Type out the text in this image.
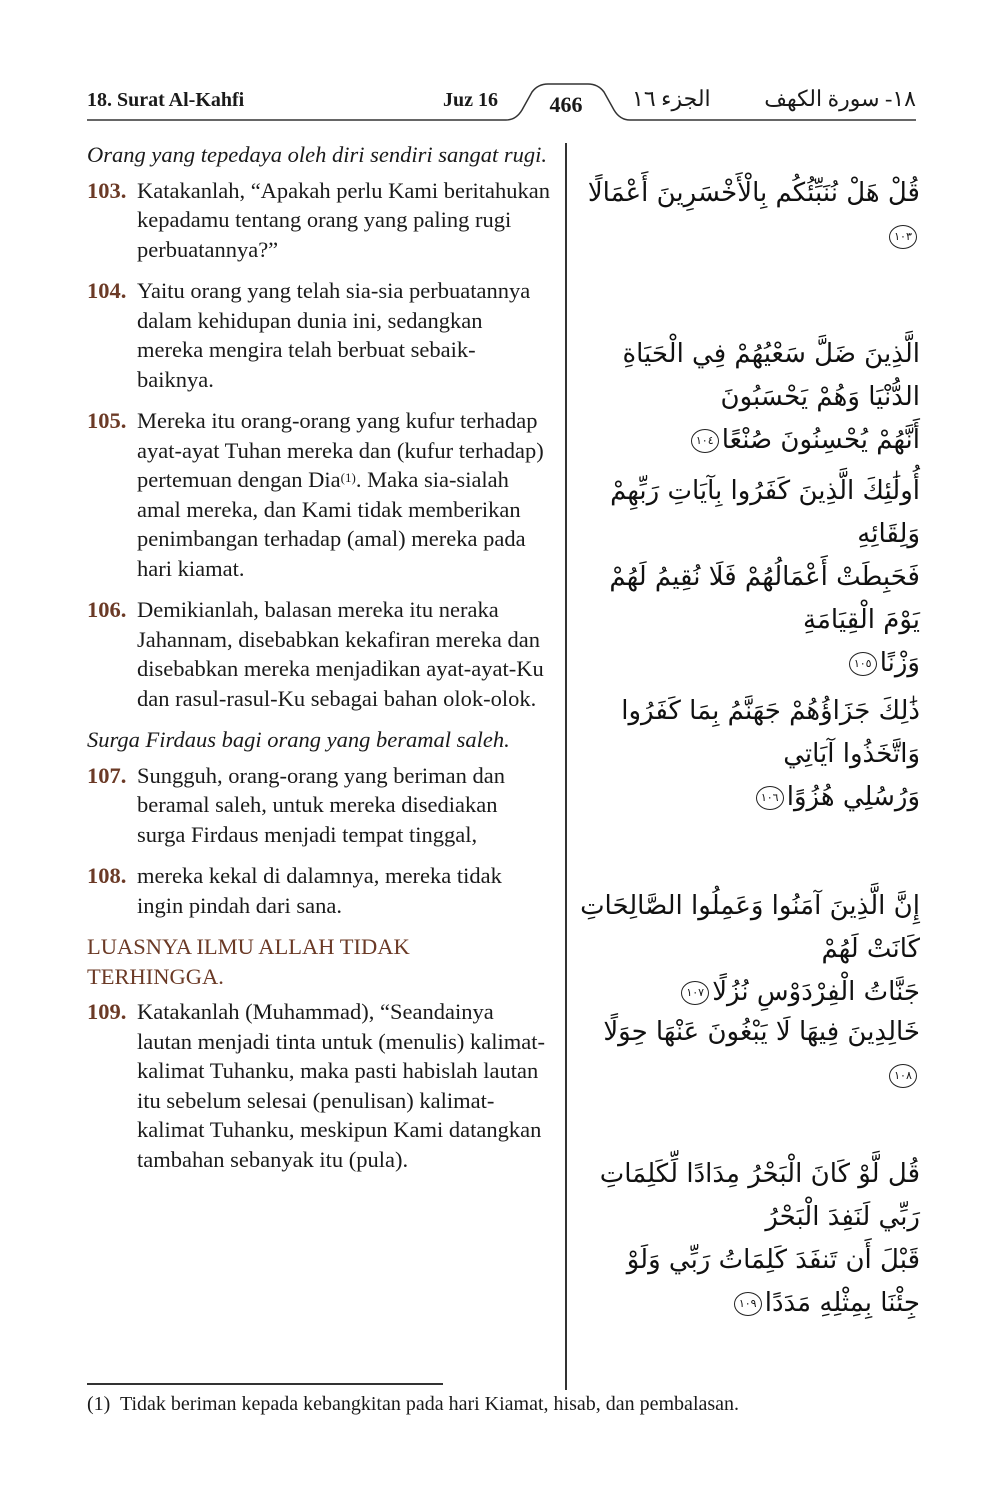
18. Surat Al-Kahfi	Juz 16	466	الجزء ١٦ ١٨- سورة الكهف
Orang yang tepedaya oleh diri sendiri sangat rugi.
103. Katakanlah, “Apakah perlu Kami beritahukan kepadamu tentang orang yang paling rugi perbuatannya?”
104. Yaitu orang yang telah sia-sia perbuatannya dalam kehidupan dunia ini, sedangkan mereka mengira telah berbuat sebaik-baiknya.
105. Mereka itu orang-orang yang kufur terhadap ayat-ayat Tuhan mereka dan (kufur terhadap) pertemuan dengan Dia$^{(1)}$. Maka sia-sialah amal mereka, dan Kami tidak memberikan penimbangan terhadap (amal) mereka pada hari kiamat.
106. Demikianlah, balasan mereka itu neraka Jahannam, disebabkan kekafiran mereka dan disebabkan mereka menjadikan ayat-ayat-Ku dan rasul-rasul-Ku sebagai bahan olok-olok.
Surga Firdaus bagi orang yang beramal saleh.
107. Sungguh, orang-orang yang beriman dan beramal saleh, untuk mereka disediakan surga Firdaus menjadi tempat tinggal,
108. mereka kekal di dalamnya, mereka tidak ingin pindah dari sana.
LUASNYA ILMU ALLAH TIDAK TERHINGGA.
109. Katakanlah (Muhammad), “Seandainya lautan menjadi tinta untuk (menulis) kalimat-kalimat Tuhanku, maka pasti habislah lautan itu sebelum selesai (penulisan) kalimat-kalimat Tuhanku, meskipun Kami datangkan tambahan sebanyak itu (pula).
قُلْ هَلْ نُنَبِّئُكُم بِالْأَخْسَرِينَ أَعْمَالًا ١٠٣
الَّذِينَ ضَلَّ سَعْيُهُمْ فِي الْحَيَاةِ الدُّنْيَا وَهُمْ يَحْسَبُونَ
أَنَّهُمْ يُحْسِنُونَ صُنْعًا١٠٤
أُولَٰئِكَ الَّذِينَ كَفَرُوا بِآيَاتِ رَبِّهِمْ وَلِقَائِهِ
فَحَبِطَتْ أَعْمَالُهُمْ فَلَا نُقِيمُ لَهُمْ يَوْمَ الْقِيَامَةِ
وَزْنًا١٠٥
ذَٰلِكَ جَزَاؤُهُمْ جَهَنَّمُ بِمَا كَفَرُوا وَاتَّخَذُوا آيَاتِي
وَرُسُلِي هُزُوًا١٠٦
إِنَّ الَّذِينَ آمَنُوا وَعَمِلُوا الصَّالِحَاتِ كَانَتْ لَهُمْ
جَنَّاتُ الْفِرْدَوْسِ نُزُلًا١٠٧
خَالِدِينَ فِيهَا لَا يَبْغُونَ عَنْهَا حِوَلًا ١٠٨
قُل لَّوْ كَانَ الْبَحْرُ مِدَادًا لِّكَلِمَاتِ رَبِّي لَنَفِدَ الْبَحْرُ
قَبْلَ أَن تَنفَدَ كَلِمَاتُ رَبِّي وَلَوْ جِئْنَا بِمِثْلِهِ مَدَدًا١٠٩
(1) Tidak beriman kepada kebangkitan pada hari Kiamat, hisab, dan pembalasan.
